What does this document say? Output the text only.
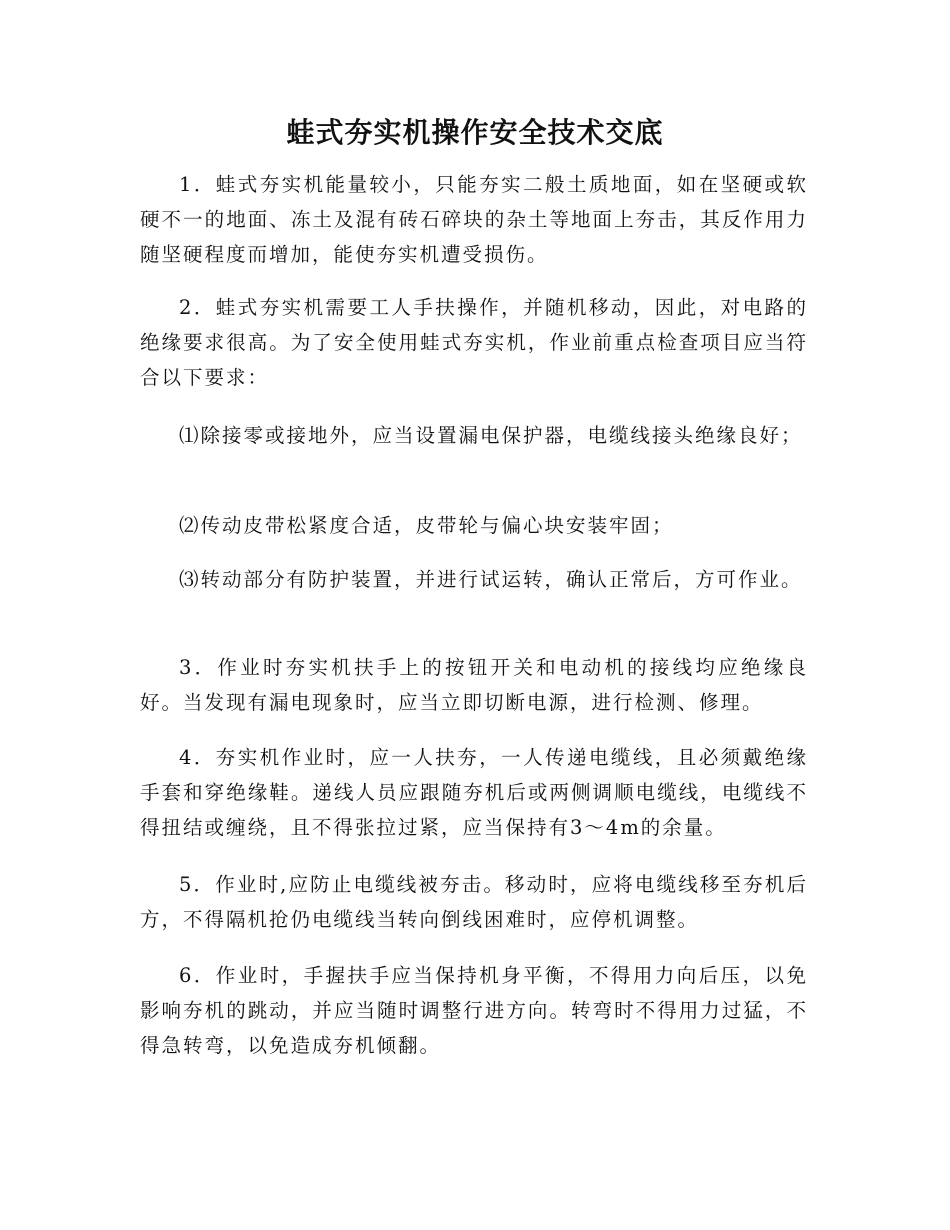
蛙式夯实机操作安全技术交底

1．蛙式夯实机能量较小，只能夯实二般土质地面，如在坚硬或软硬不一的地面、冻土及混有砖石碎块的杂土等地面上夯击，其反作用力随坚硬程度而增加，能使夯实机遭受损伤。

2．蛙式夯实机需要工人手扶操作，并随机移动，因此，对电路的绝缘要求很高。为了安全使用蛙式夯实机，作业前重点检查项目应当符合以下要求：

⑴除接零或接地外，应当设置漏电保护器，电缆线接头绝缘良好；

⑵传动皮带松紧度合适，皮带轮与偏心块安装牢固；

⑶转动部分有防护装置，并进行试运转，确认正常后，方可作业。

3．作业时夯实机扶手上的按钮开关和电动机的接线均应绝缘良好。当发现有漏电现象时，应当立即切断电源，进行检测、修理。

4．夯实机作业时，应一人扶夯，一人传递电缆线，且必须戴绝缘手套和穿绝缘鞋。递线人员应跟随夯机后或两侧调顺电缆线，电缆线不得扭结或缠绕，且不得张拉过紧，应当保持有3～4m的余量。

5．作业时,应防止电缆线被夯击。移动时，应将电缆线移至夯机后方，不得隔机抢仍电缆线当转向倒线困难时，应停机调整。

6．作业时，手握扶手应当保持机身平衡，不得用力向后压，以免影响夯机的跳动，并应当随时调整行进方向。转弯时不得用力过猛，不得急转弯，以免造成夯机倾翻。
